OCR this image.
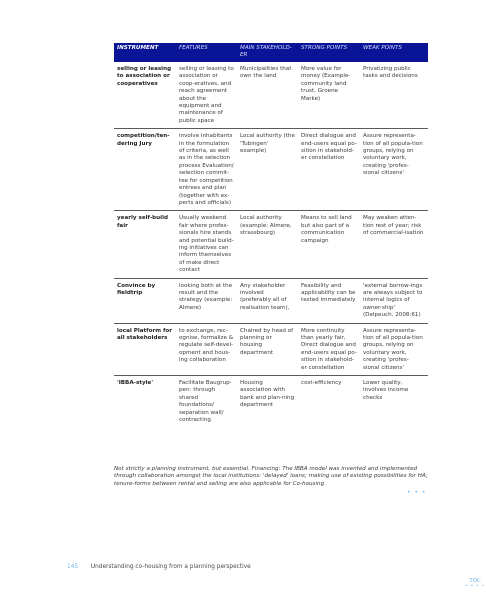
INSTRUMENT	FEATURES	MAIN STAKEHOLD-ER	STRONG POINTS	WEAK POINTS
selling or leasing to association or cooperatives	selling or leasing to association or coop-eratives, and reach agreement about the equipment and maintenance of public space	Municipalities that own the land	More value for money (Example-community land trust, Groene Marke)	Privatizing public tasks and decisions
competition/ten-dering Jury	involve inhabitants in the formulation of criteria, as well as in the selection process Evaluation/ selection commit-tee for competition entrees and plan (together with ex-perts and officials)	Local authority (the 'Tubingen' example)	Direct dialogue and end-users equal po-sition in stakehold-er constellation	Assure representa-tion of all popula-tion groups, relying on voluntary work, creating 'profes-sional citizens'
yearly self-build fair	Usually weekend fair where profes-sionals hire stands and potential build-ing initiatives can inform themselves of make direct contact	Local authority (example: Almere, strassbourg)	Means to sell land but also part of a communication campaign	May weaken atten-tion rest of year; risk of commercial-isation
Convince by fieldtrip	looking both at the result and the strategy (example: Almere)	Any stakeholder involved (preferably all of realisation team),	Feasibility and applicability can be tested immediately	'external borrow-ings are always subject to internal logics of owner-ship' (Delpeuch, 2008:61)
local Platform for all stakeholders	to exchange, rec-ognise, formalize & regulate self-devel-opment and hous-ing collaboration	Chaired by head of planning or housing department	More continuity than yearly fair, Direct dialogue and end-users equal po-sition in stakehold-er constellation	Assure representa-tion of all popula-tion groups, relying on voluntary work, creating 'profes-sional citizens'
'IBBA-style'	Facilitate Baugrup-pen: through shared foundations/ separation wall/ contracting	Housing association with bank and plan-ning department	cost-efficiency	Lower quality, involves income checks
Not strictly a planning instrument, but essential. Financing: The IBBA model was invented and implemented through collaboration amongst the local institutions: 'delayed' loans; making use of existing possibilities for HA; tenure-forms between rental and selling are also applicable for Co-housing
• • •
145 Understanding co-housing from a planning perspective
TOC
• • • •
